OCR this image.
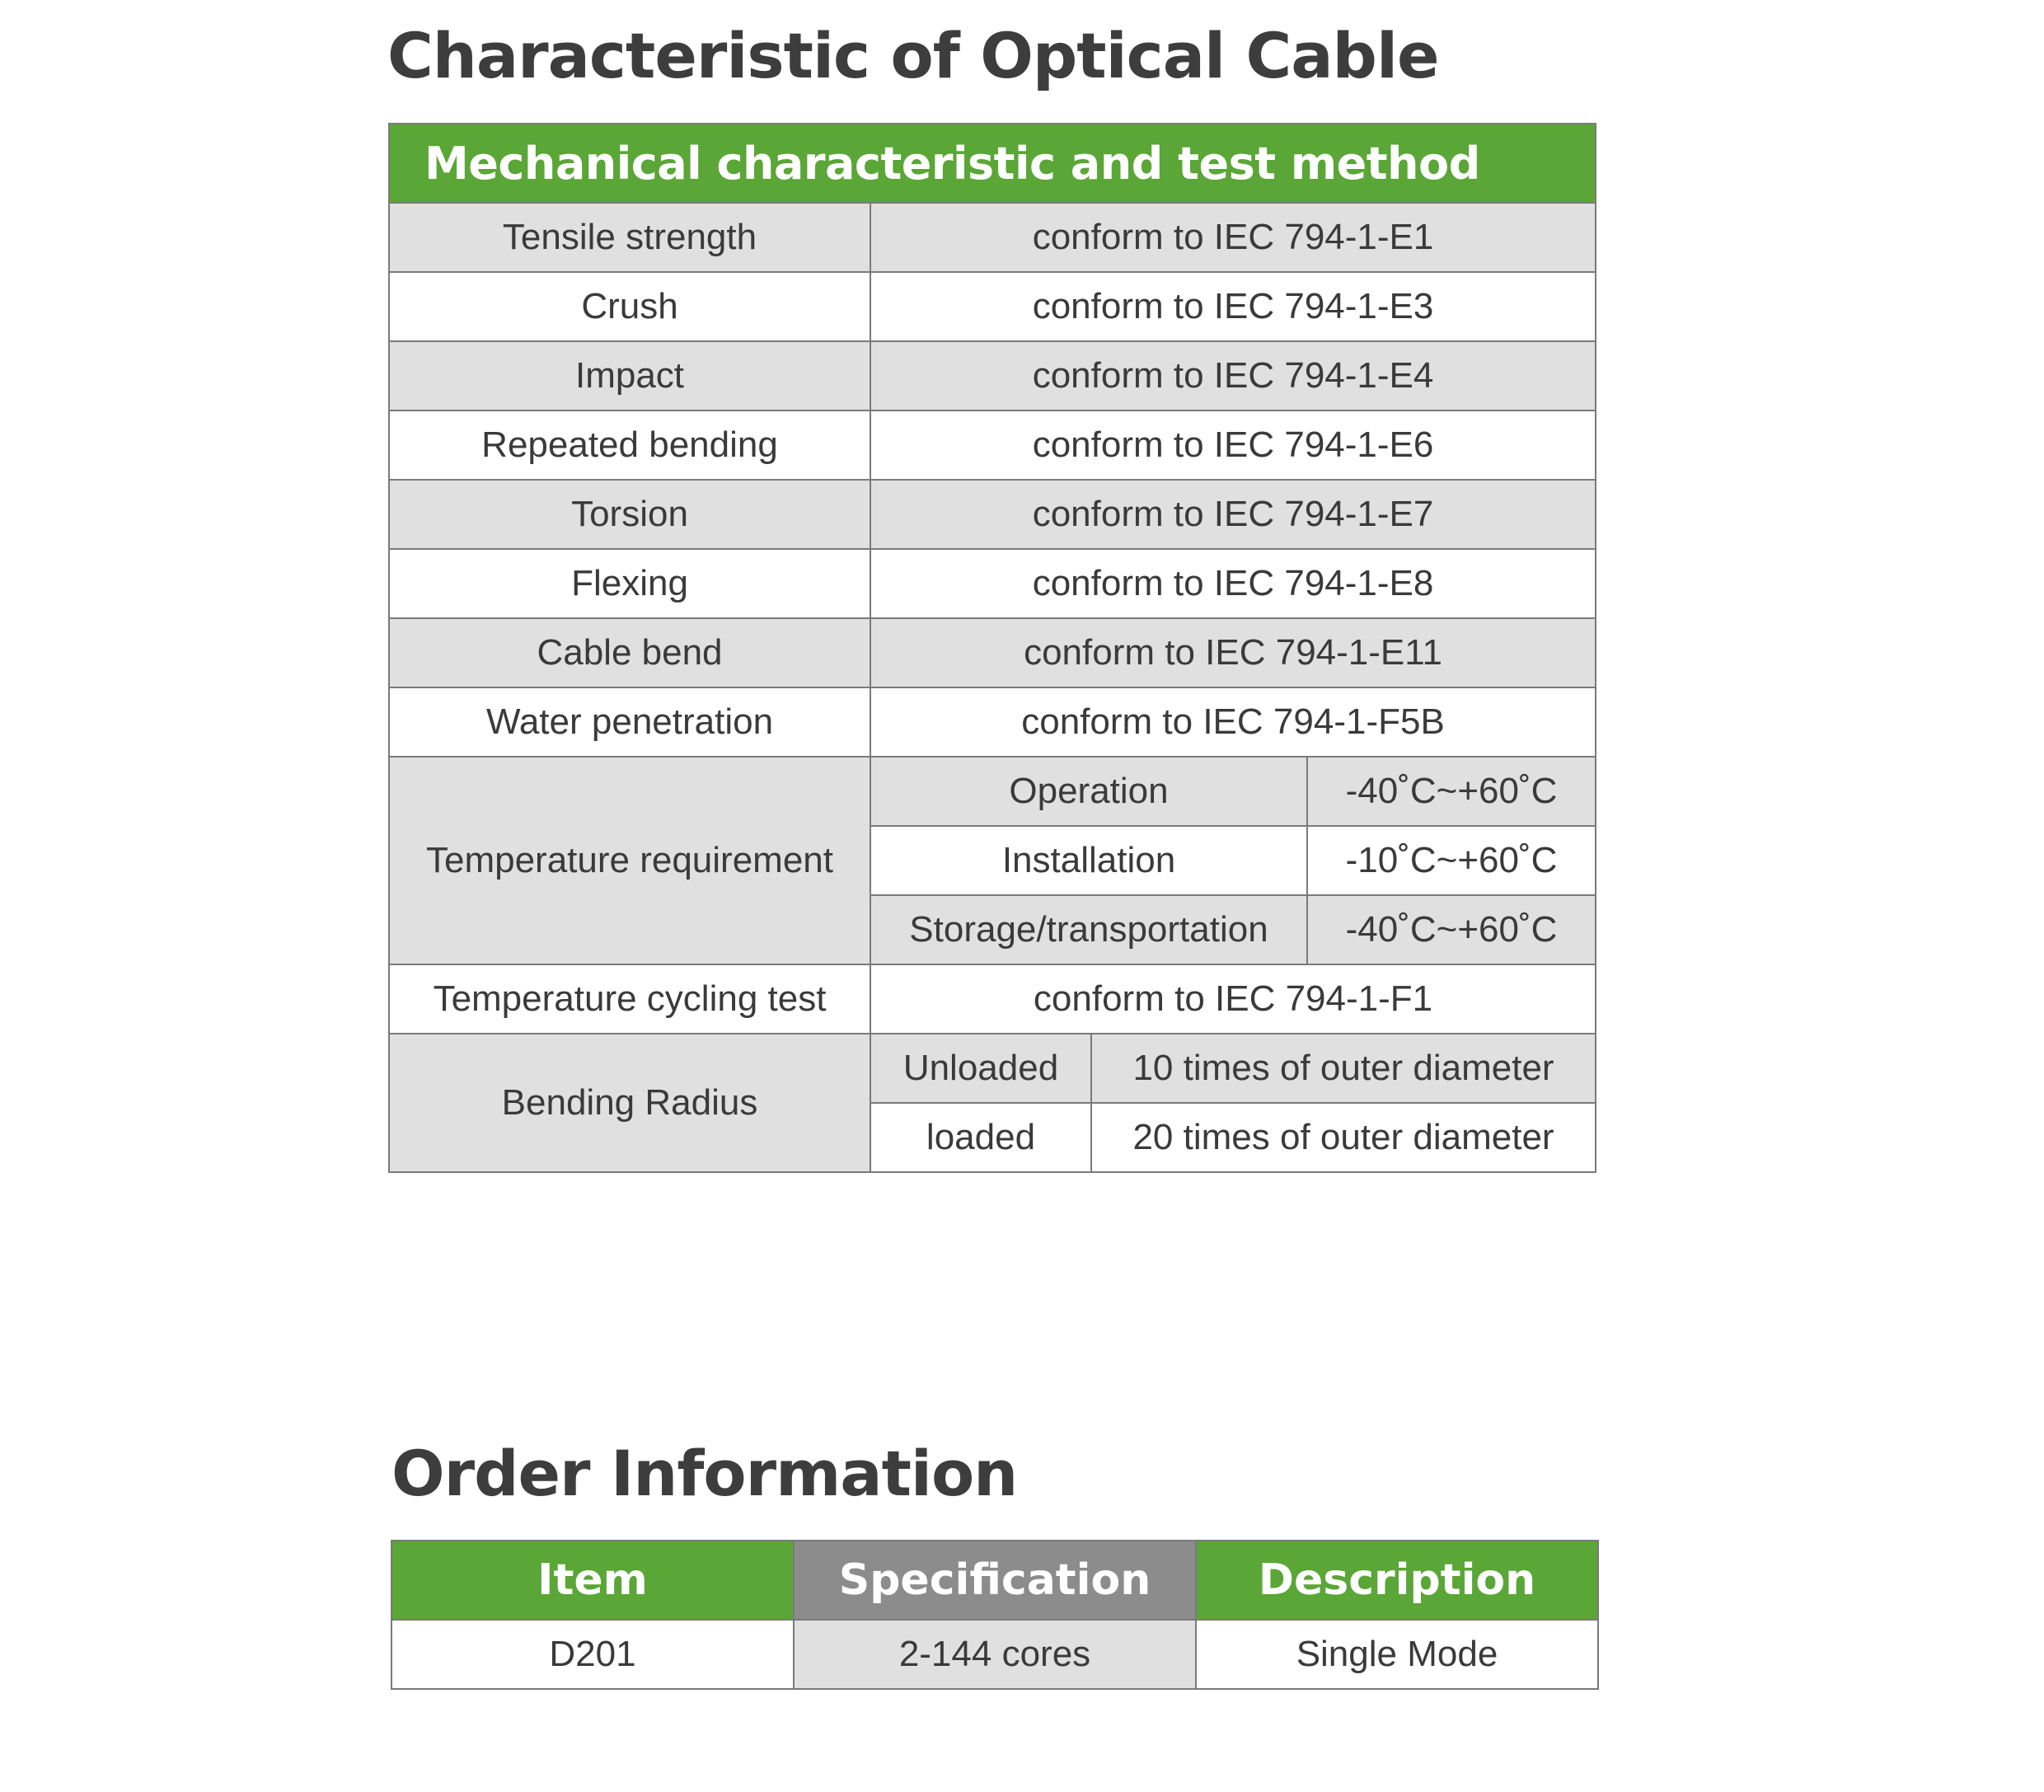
Characteristic of Optical Cable
Mechanical characteristic and test method			
Tensile strength	conform to IEC 794-1-E1		
Crush	conform to IEC 794-1-E3		
Impact	conform to IEC 794-1-E4		
Repeated bending	conform to IEC 794-1-E6		
Torsion	conform to IEC 794-1-E7		
Flexing	conform to IEC 794-1-E8		
Cable bend	conform to IEC 794-1-E11		
Water penetration	conform to IEC 794-1-F5B		
Temperature requirement	Operation		-40˚C~+60˚C
	Installation		-10˚C~+60˚C
	Storage/transportation		-40˚C~+60˚C
Temperature cycling test	conform to IEC 794-1-F1		
Bending Radius	Unloaded	10 times of outer diameter	
	loaded	20 times of outer diameter	
Order Information
Item	Specification	Description
D201	2-144 cores	Single Mode
